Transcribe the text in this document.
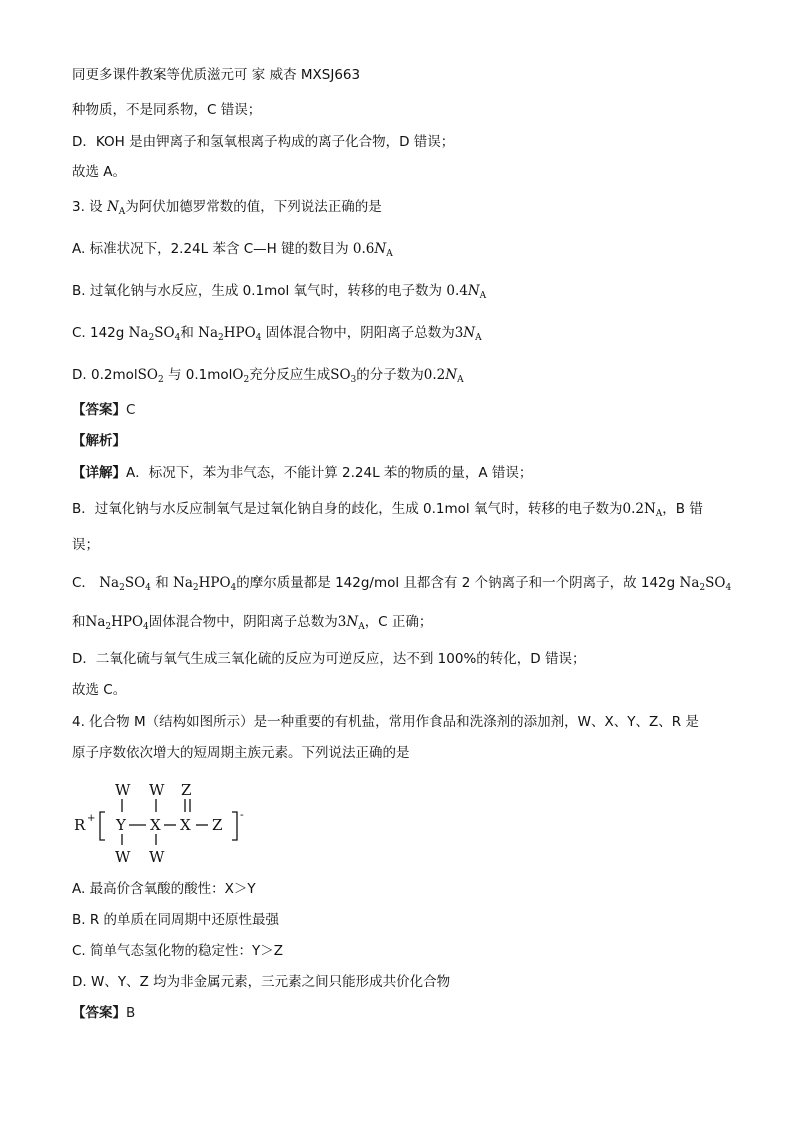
同更多课件教案等优质滋元可 家 威杏 MXSJ663
种物质，不是同系物，C 错误；
D．KOH 是由钾离子和氢氧根离子构成的离子化合物，D 错误；
故选 A。
3. 设 $N_A$为阿伏加德罗常数的值，下列说法正确的是
A. 标准状况下，2.24L 苯含 C—H 键的数目为 $0.6N_A$
B. 过氧化钠与水反应，生成 0.1mol 氧气时，转移的电子数为 $0.4N_A$
C. 142g $Na_2SO_4$和 $Na_2HPO_4$ 固体混合物中，阴阳离子总数为$3N_A$
D. 0.2molSO$_2$ 与 0.1molO$_2$充分反应生成$SO_3$的分子数为$0.2N_A$
【答案】C
【解析】
【详解】A．标况下，苯为非气态，不能计算 2.24L 苯的物质的量，A 错误；
B．过氧化钠与水反应制氧气是过氧化钠自身的歧化，生成 0.1mol 氧气时，转移的电子数为$0.2N_A$，B 错
误；
C． $Na_2SO_4$ 和 $Na_2HPO_4$的摩尔质量都是 142g/mol 且都含有 2 个钠离子和一个阴离子，故 142g $Na_2SO_4$
和$Na_2HPO_4$固体混合物中，阴阳离子总数为$3N_A$，C 正确；
D．二氧化硫与氧气生成三氧化硫的反应为可逆反应，达不到 100%的转化，D 错误；
故选 C。
4. 化合物 M（结构如图所示）是一种重要的有机盐，常用作食品和洗涤剂的添加剂，W、X、Y、Z、R 是
原子序数依次增大的短周期主族元素。下列说法正确的是
R +
W
Y
W
W
X
W
Z
X Z
-
A. 最高价含氧酸的酸性：X＞Y
B. R 的单质在同周期中还原性最强
C. 简单气态氢化物的稳定性：Y＞Z
D. W、Y、Z 均为非金属元素，三元素之间只能形成共价化合物
【答案】B
